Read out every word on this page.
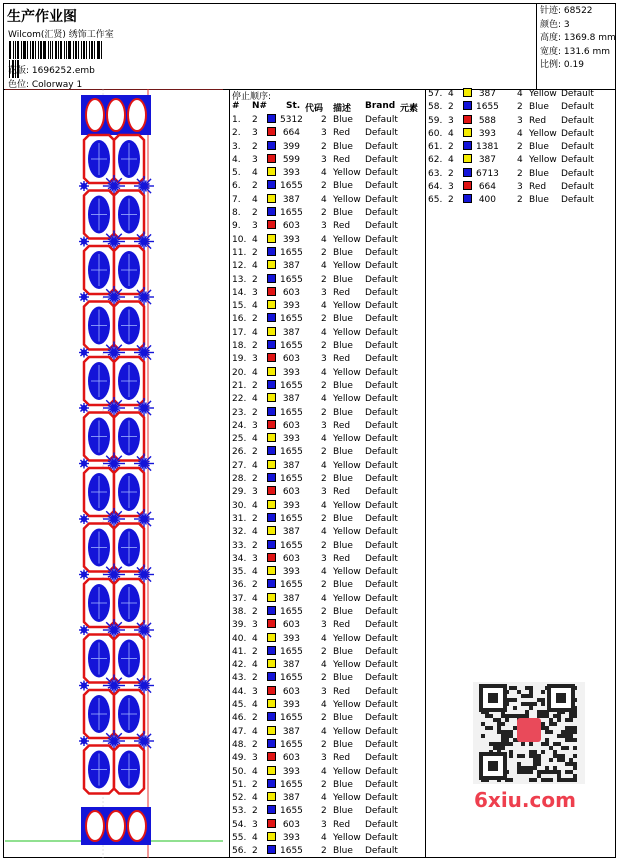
生产作业图
Wilcom(汇贤) 绣饰工作室
花版: 1696252.emb
色位: Colorway 1
针迹: 68522
颜色: 3
高度: 1369.8 mm
宽度: 131.6 mm
比例: 0.19
停止顺序:
# N# St. 代码 描述 Brand 元素
1. 2 5312 2 Blue Default
2. 3	664 3 Red Default
3. 2	399 2 Blue Default
4. 3	599 3 Red Default
5. 4	393 4 Yellow Default
6. 2 1655 2 Blue Default
7. 4	387 4 Yellow Default
8. 2 1655 2 Blue Default
9. 3	603 3 Red Default
10. 4	393 4 Yellow Default
11. 2 1655 2 Blue Default
12. 4	387 4 Yellow Default
13. 2 1655 2 Blue Default
14. 3	603 3 Red Default
15. 4	393 4 Yellow Default
16. 2 1655 2 Blue Default
17. 4	387 4 Yellow Default
18. 2 1655 2 Blue Default
19. 3	603 3 Red Default
20. 4	393 4 Yellow Default
21. 2 1655 2 Blue Default
22. 4	387 4 Yellow Default
23. 2 1655 2 Blue Default
24. 3	603 3 Red Default
25. 4	393 4 Yellow Default
26. 2 1655 2 Blue Default
27. 4	387 4 Yellow Default
28. 2 1655 2 Blue Default
29. 3	603 3 Red Default
30. 4	393 4 Yellow Default
31. 2 1655 2 Blue Default
32. 4	387 4 Yellow Default
33. 2 1655 2 Blue Default
34. 3	603 3 Red Default
35. 4	393 4 Yellow Default
36. 2 1655 2 Blue Default
37. 4	387 4 Yellow Default
38. 2 1655 2 Blue Default
39. 3	603 3 Red Default
40. 4	393 4 Yellow Default
41. 2 1655 2 Blue Default
42. 4	387 4 Yellow Default
43. 2 1655 2 Blue Default
44. 3	603 3 Red Default
45. 4	393 4 Yellow Default
46. 2 1655 2 Blue Default
47. 4	387 4 Yellow Default
48. 2 1655 2 Blue Default
49. 3	603 3 Red Default
50. 4	393 4 Yellow Default
51. 2 1655 2 Blue Default
52. 4	387 4 Yellow Default
53. 2 1655 2 Blue Default
54. 3	603 3 Red Default
55. 4	393 4 Yellow Default
56. 2 1655 2 Blue Default
57. 4	387 4 Yellow Default
58. 2 1655 2 Blue Default
59. 3	588 3 Red Default
60. 4	393 4 Yellow Default
61. 2 1381 2 Blue Default
62. 4	387 4 Yellow Default
63. 2 6713 2 Blue Default
64. 3	664 3 Red Default
65. 2	400 2 Blue Default
6xiu.com
